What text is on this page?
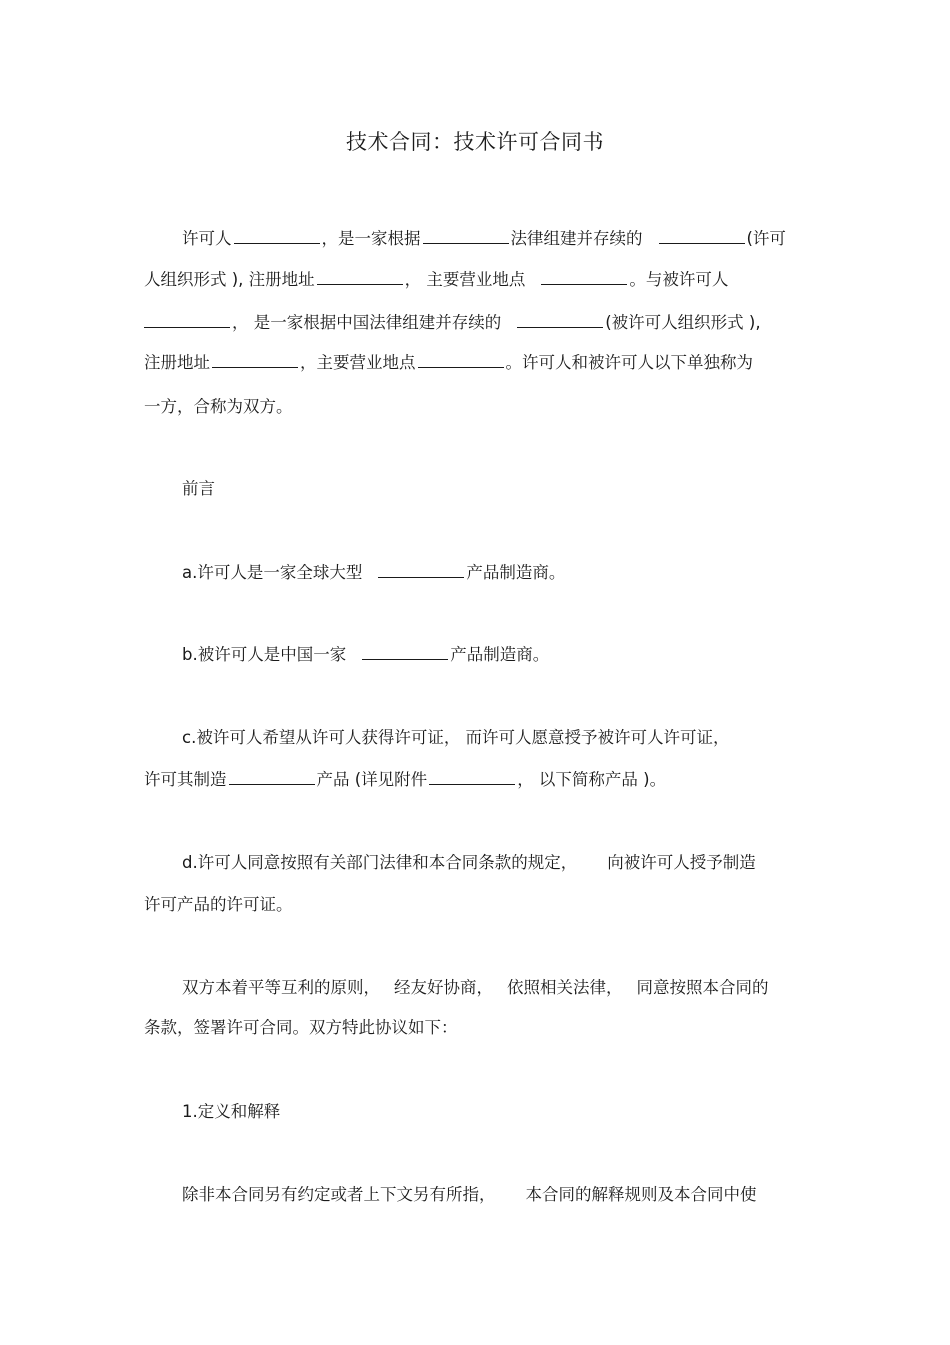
技术合同：技术许可合同书
许可人	，是一家根据	法律组建并存续的	(许可
人组织形式 ), 注册地址	， 主要营业地点	。与被许可人
， 是一家根据中国法律组建并存续的	(被许可人组织形式 ),
注册地址	，主要营业地点	。许可人和被许可人以下单独称为
一方，合称为双方。
前言
a.许可人是一家全球大型	产品制造商。
b.被许可人是中国一家	产品制造商。
c.被许可人希望从许可人获得许可证， 而许可人愿意授予被许可人许可证，
许可其制造	产品 (详见附件	， 以下简称产品 )。
d.许可人同意按照有关部门法律和本合同条款的规定， 向被许可人授予制造
许可产品的许可证。
双方本着平等互利的原则， 经友好协商， 依照相关法律， 同意按照本合同的
条款，签署许可合同。双方特此协议如下：
1.定义和解释
除非本合同另有约定或者上下文另有所指， 本合同的解释规则及本合同中使
